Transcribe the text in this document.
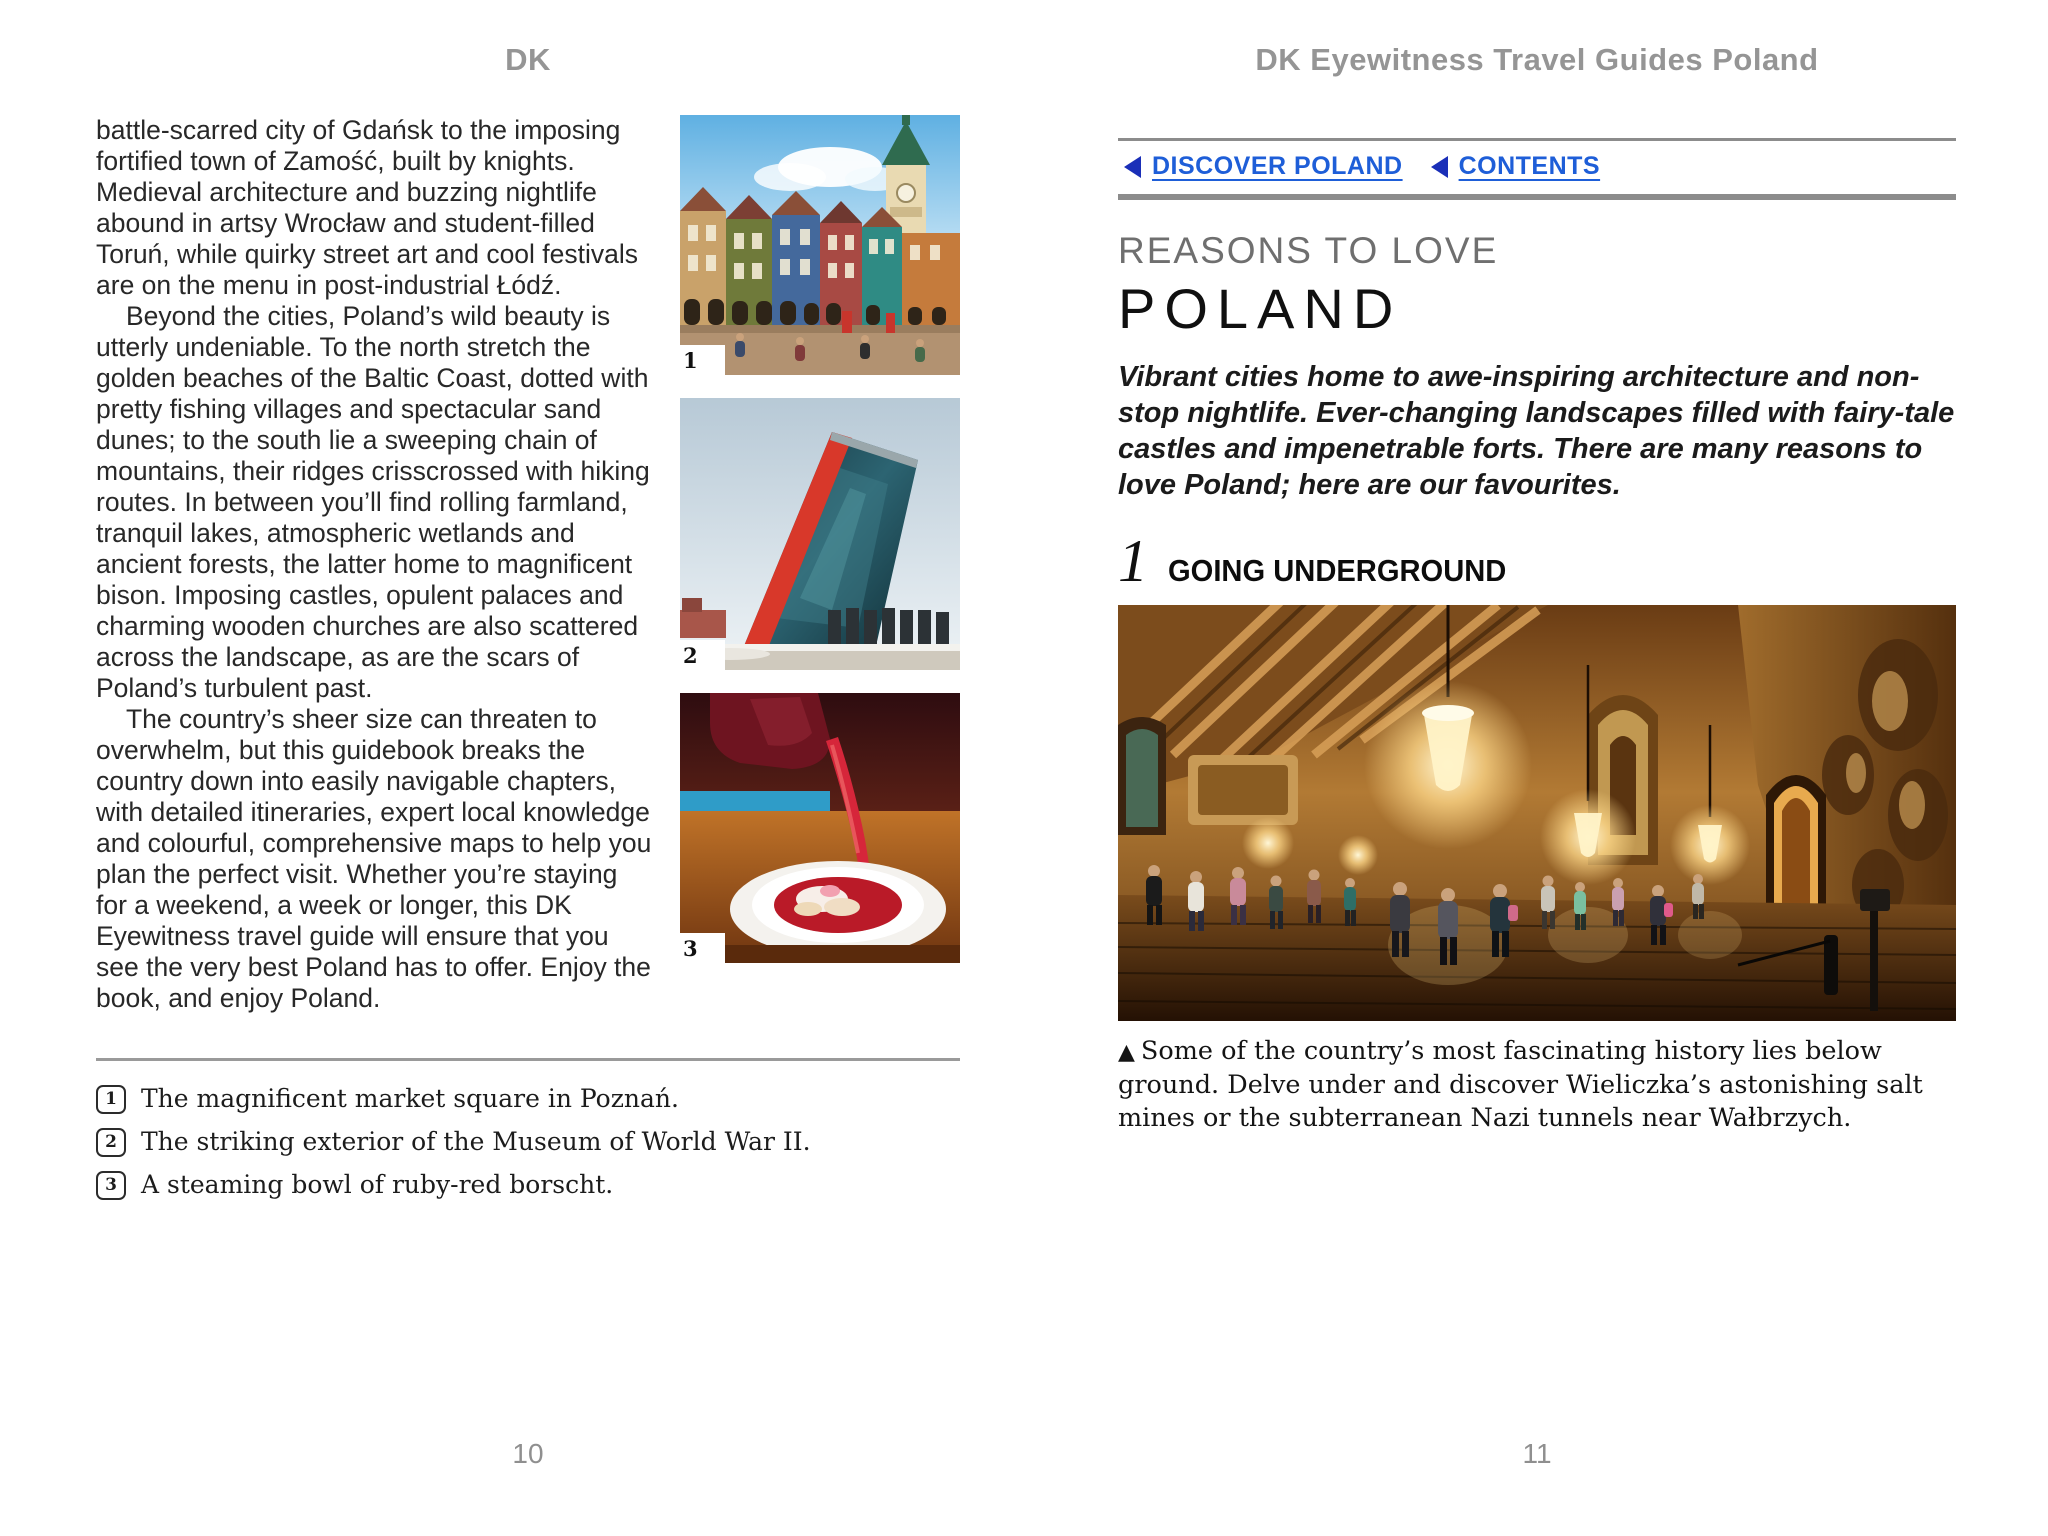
DK
1
2
3

battle-scarred city of Gdańsk to the imposing fortified town of Zamość, built by knights. Medieval architecture and buzzing nightlife abound in artsy Wrocław and student-filled Toruń, while quirky street art and cool festivals are on the menu in post-industrial Łódź.

Beyond the cities, Poland’s wild beauty is utterly undeniable. To the north stretch the golden beaches of the Baltic Coast, dotted with pretty fishing villages and spectacular sand dunes; to the south lie a sweeping chain of mountains, their ridges crisscrossed with hiking routes. In between you’ll find rolling farmland, tranquil lakes, atmospheric wetlands and ancient forests, the latter home to magnificent bison. Imposing castles, opulent palaces and charming wooden churches are also scattered across the landscape, as are the scars of Poland’s turbulent past.

The country’s sheer size can threaten to overwhelm, but this guidebook breaks the country down into easily navigable chapters, with detailed itineraries, expert local knowledge and colourful, comprehensive maps to help you plan the perfect visit. Whether you’re staying for a weekend, a week or longer, this DK Eyewitness travel guide will ensure that you see the very best Poland has to offer. Enjoy the book, and enjoy Poland.

1 The magnificent market square in Poznań.
2 The striking exterior of the Museum of World War II.
3 A steaming bowl of ruby-red borscht.
10
DK Eyewitness Travel Guides Poland
DISCOVER POLAND CONTENTS
REASONS TO LOVE
POLAND
Vibrant cities home to awe-inspiring architecture and non-stop nightlife. Ever-changing landscapes filled with fairy-tale castles and impenetrable forts. There are many reasons to love Poland; here are our favourites.
1 GOING UNDERGROUND
▲ Some of the country’s most fascinating history lies below ground. Delve under and discover Wieliczka’s astonishing salt mines or the subterranean Nazi tunnels near Wałbrzych.
11
